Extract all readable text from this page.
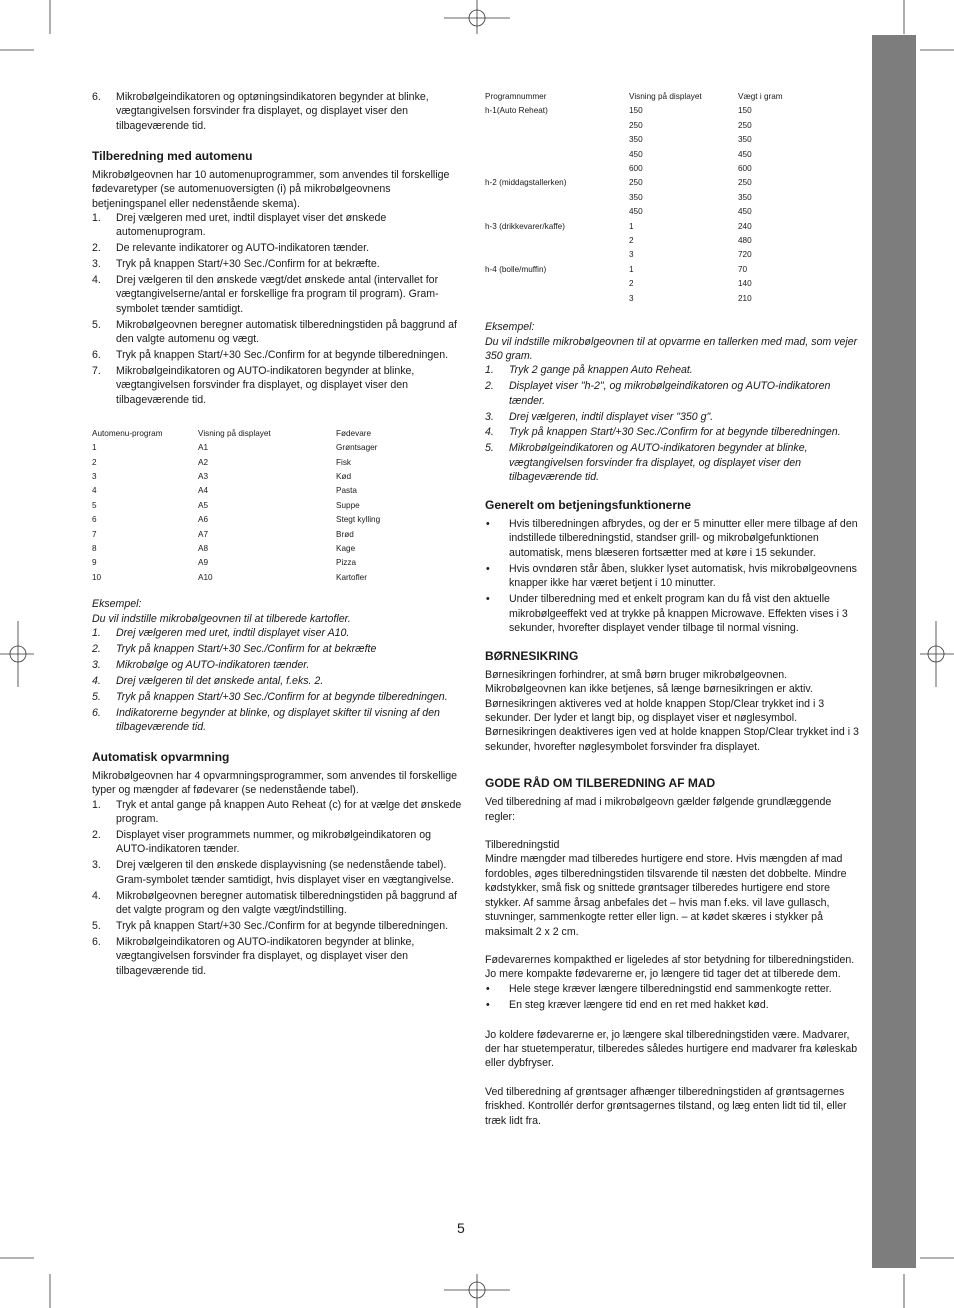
6. Mikrobølgeindikatoren og optøningsindikatoren begynder at blinke, vægtangivelsen forsvinder fra displayet, og displayet viser den tilbageværende tid.
Tilberedning med automenu

Mikrobølgeovnen har 10 automenuprogrammer, som anvendes til forskellige fødevaretyper (se automenuoversigten (i) på mikrobølgeovnens betjeningspanel eller nedenstående skema).

1. Drej vælgeren med uret, indtil displayet viser det ønskede automenuprogram.
2. De relevante indikatorer og AUTO-indikatoren tænder.
3. Tryk på knappen Start/+30 Sec./Confirm for at bekræfte.
4. Drej vælgeren til den ønskede vægt/det ønskede antal (intervallet for vægtangivelserne/antal er forskellige fra program til program). Gram-symbolet tænder samtidigt.
5. Mikrobølgeovnen beregner automatisk tilberedningstiden på baggrund af den valgte automenu og vægt.
6. Tryk på knappen Start/+30 Sec./Confirm for at begynde tilberedningen.
7. Mikrobølgeindikatoren og AUTO-indikatoren begynder at blinke, vægtangivelsen forsvinder fra displayet, og displayet viser den tilbageværende tid.
Automenu-program	Visning på displayet	Fødevare
1	A1	Grøntsager
2	A2	Fisk
3	A3	Kød
4	A4	Pasta
5	A5	Suppe
6	A6	Stegt kylling
7	A7	Brød
8	A8	Kage
9	A9	Pizza
10	A10	Kartofler

Eksempel:

Du vil indstille mikrobølgeovnen til at tilberede kartofler.

1. Drej vælgeren med uret, indtil displayet viser A10.
2. Tryk på knappen Start/+30 Sec./Confirm for at bekræfte
3. Mikrobølge og AUTO-indikatoren tænder.
4. Drej vælgeren til det ønskede antal, f.eks. 2.
5. Tryk på knappen Start/+30 Sec./Confirm for at begynde tilberedningen.
6. Indikatorerne begynder at blinke, og displayet skifter til visning af den tilbageværende tid.
Automatisk opvarmning

Mikrobølgeovnen har 4 opvarmningsprogrammer, som anvendes til forskellige typer og mængder af fødevarer (se nedenstående tabel).

1. Tryk et antal gange på knappen Auto Reheat (c) for at vælge det ønskede program.
2. Displayet viser programmets nummer, og mikrobølgeindikatoren og AUTO-indikatoren tænder.
3. Drej vælgeren til den ønskede displayvisning (se nedenstående tabel). Gram-symbolet tænder samtidigt, hvis displayet viser en vægtangivelse.
4. Mikrobølgeovnen beregner automatisk tilberedningstiden på baggrund af det valgte program og den valgte vægt/indstilling.
5. Tryk på knappen Start/+30 Sec./Confirm for at begynde tilberedningen.
6. Mikrobølgeindikatoren og AUTO-indikatoren begynder at blinke, vægtangivelsen forsvinder fra displayet, og displayet viser den tilbageværende tid.
Programnummer	Visning på displayet	Vægt i gram
h-1(Auto Reheat)	150	150
	250	250
	350	350
	450	450
	600	600
h-2 (middagstallerken)	250	250
	350	350
	450	450
h-3 (drikkevarer/kaffe)	1	240
	2	480
	3	720
h-4 (bolle/muffin)	1	70
	2	140
	3	210

Eksempel:

Du vil indstille mikrobølgeovnen til at opvarme en tallerken med mad, som vejer 350 gram.

1. Tryk 2 gange på knappen Auto Reheat.
2. Displayet viser "h-2", og mikrobølgeindikatoren og AUTO-indikatoren tænder.
3. Drej vælgeren, indtil displayet viser "350 g".
4. Tryk på knappen Start/+30 Sec./Confirm for at begynde tilberedningen.
5. Mikrobølgeindikatoren og AUTO-indikatoren begynder at blinke, vægtangivelsen forsvinder fra displayet, og displayet viser den tilbageværende tid.
Generelt om betjeningsfunktionerne
• Hvis tilberedningen afbrydes, og der er 5 minutter eller mere tilbage af den indstillede tilberedningstid, standser grill- og mikrobølgefunktionen automatisk, mens blæseren fortsætter med at køre i 15 sekunder.
• Hvis ovndøren står åben, slukker lyset automatisk, hvis mikrobølgeovnens knapper ikke har været betjent i 10 minutter.
• Under tilberedning med et enkelt program kan du få vist den aktuelle mikrobølgeeffekt ved at trykke på knappen Microwave. Effekten vises i 3 sekunder, hvorefter displayet vender tilbage til normal visning.
BØRNESIKRING

Børnesikringen forhindrer, at små børn bruger mikrobølgeovnen. Mikrobølgeovnen kan ikke betjenes, så længe børnesikringen er aktiv. Børnesikringen aktiveres ved at holde knappen Stop/Clear trykket ind i 3 sekunder. Der lyder et langt bip, og displayet viser et nøglesymbol. Børnesikringen deaktiveres igen ved at holde knappen Stop/Clear trykket ind i 3 sekunder, hvorefter nøglesymbolet forsvinder fra displayet.

GODE RÅD OM TILBEREDNING AF MAD

Ved tilberedning af mad i mikrobølgeovn gælder følgende grundlæggende regler:

Tilberedningstid

Mindre mængder mad tilberedes hurtigere end store. Hvis mængden af mad fordobles, øges tilberedningstiden tilsvarende til næsten det dobbelte. Mindre kødstykker, små fisk og snittede grøntsager tilberedes hurtigere end store stykker. Af samme årsag anbefales det – hvis man f.eks. vil lave gullasch, stuvninger, sammenkogte retter eller lign. – at kødet skæres i stykker på maksimalt 2 x 2 cm.

Fødevarernes kompakthed er ligeledes af stor betydning for tilberedningstiden. Jo mere kompakte fødevarerne er, jo længere tid tager det at tilberede dem.

• Hele stege kræver længere tilberedningstid end sammenkogte retter.
• En steg kræver længere tid end en ret med hakket kød.

Jo koldere fødevarerne er, jo længere skal tilberedningstiden være. Madvarer, der har stuetemperatur, tilberedes således hurtigere end madvarer fra køleskab eller dybfryser.

Ved tilberedning af grøntsager afhænger tilberedningstiden af grøntsagernes friskhed. Kontrollér derfor grøntsagernes tilstand, og læg enten lidt tid til, eller træk lidt fra.

5
